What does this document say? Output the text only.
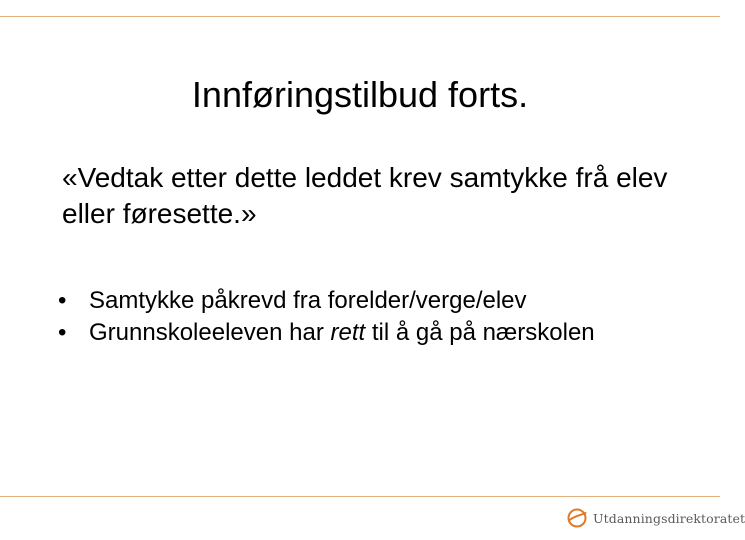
Innføringstilbud forts.

«Vedtak etter dette leddet krev samtykke frå elev eller føresette.»

• Samtykke påkrevd fra forelder/verge/elev
• Grunnskoleeleven har rett til å gå på nærskolen
Utdanningsdirektoratet
